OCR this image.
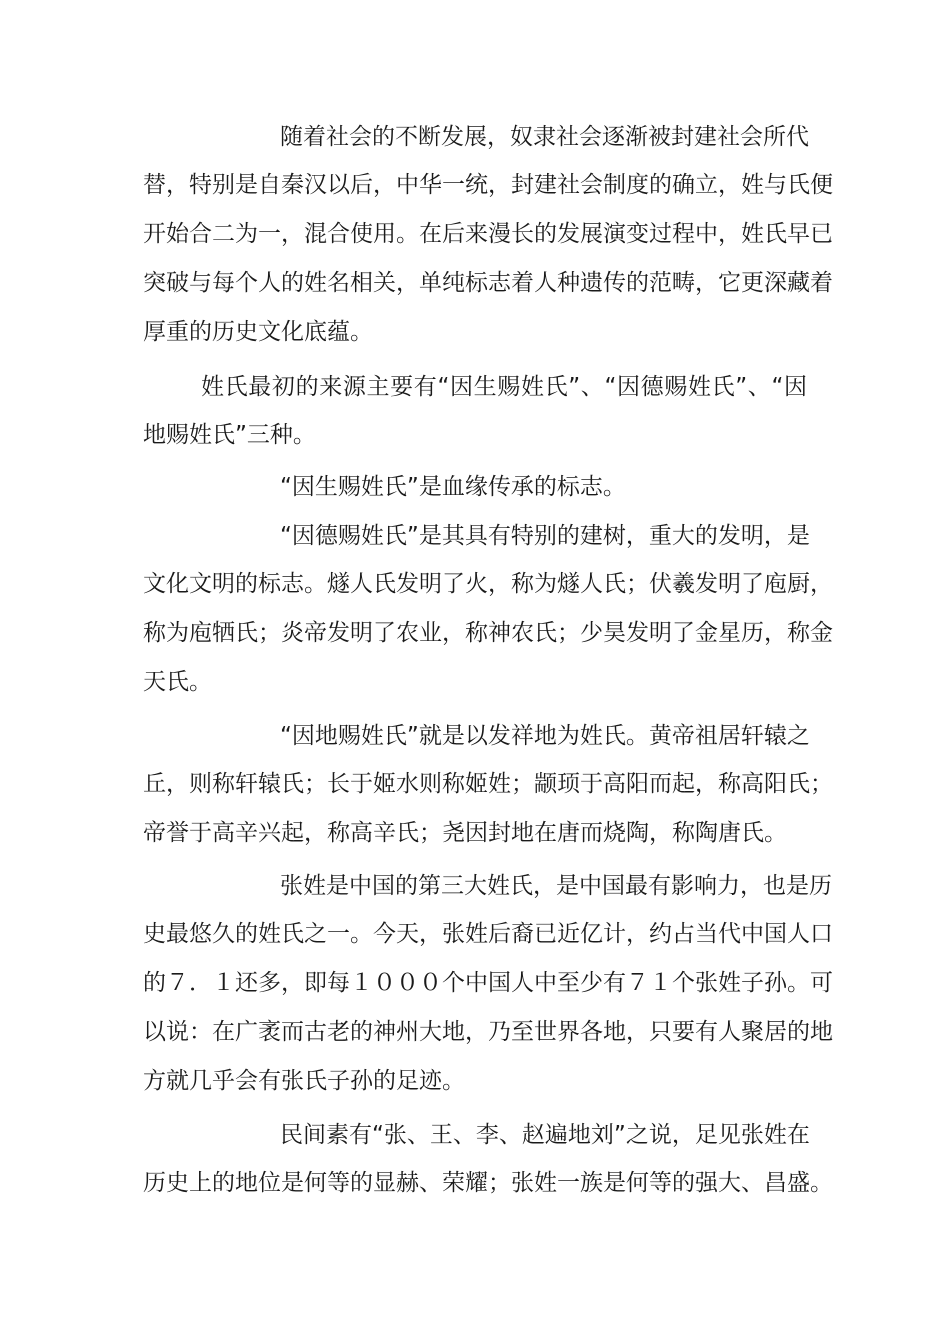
随着社会的不断发展，奴隶社会逐渐被封建社会所代
替，特别是自秦汉以后，中华一统，封建社会制度的确立，姓与氏便
开始合二为一，混合使用。在后来漫长的发展演变过程中，姓氏早已
突破与每个人的姓名相关，单纯标志着人种遗传的范畴，它更深藏着
厚重的历史文化底蕴。
姓氏最初的来源主要有“因生赐姓氏”、“因德赐姓氏”、“因
地赐姓氏”三种。
“因生赐姓氏”是血缘传承的标志。
“因德赐姓氏”是其具有特别的建树，重大的发明，是
文化文明的标志。燧人氏发明了火，称为燧人氏；伏羲发明了庖厨，
称为庖牺氏；炎帝发明了农业，称神农氏；少昊发明了金星历，称金
天氏。
“因地赐姓氏”就是以发祥地为姓氏。黄帝祖居轩辕之
丘，则称轩辕氏；长于姬水则称姬姓；颛顼于高阳而起，称高阳氏；
帝誉于高辛兴起，称高辛氏；尧因封地在唐而烧陶，称陶唐氏。
张姓是中国的第三大姓氏，是中国最有影响力，也是历
史最悠久的姓氏之一。今天，张姓后裔已近亿计，约占当代中国人口
的７．１还多，即每１０００个中国人中至少有７１个张姓子孙。可
以说：在广袤而古老的神州大地，乃至世界各地，只要有人聚居的地
方就几乎会有张氏子孙的足迹。
民间素有“张、王、李、赵遍地刘”之说，足见张姓在
历史上的地位是何等的显赫、荣耀；张姓一族是何等的强大、昌盛。
